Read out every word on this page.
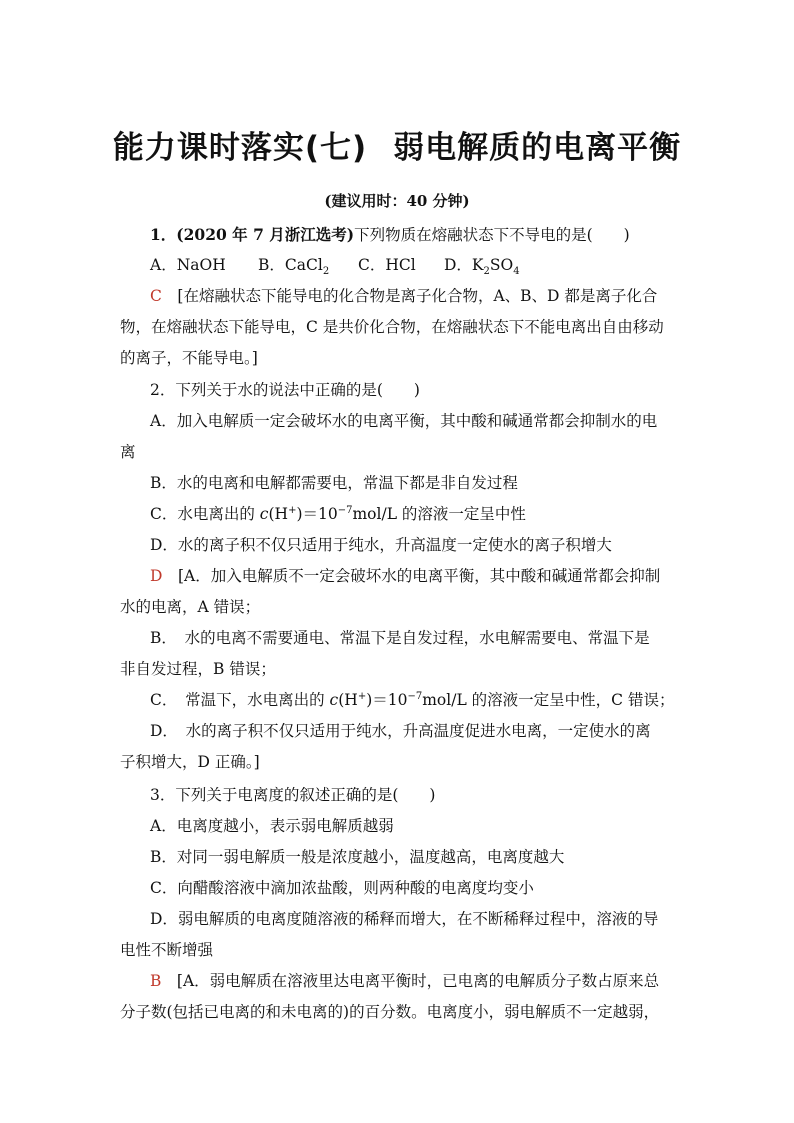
能力课时落实(七) 弱电解质的电离平衡
(建议用时：40 分钟)
1．(2020 年 7 月浙江选考)下列物质在熔融状态下不导电的是(　　)
A．NaOH B．CaCl$_2$ C．HCl D．$K_2SO_4$
C　 [在熔融状态下能导电的化合物是离子化合物，A、B、D 都是离子化合
物，在熔融状态下能导电，C 是共价化合物，在熔融状态下不能电离出自由移动
的离子，不能导电。]
2．下列关于水的说法中正确的是(　　)
A．加入电解质一定会破坏水的电离平衡，其中酸和碱通常都会抑制水的电
离
B．水的电离和电解都需要电，常温下都是非自发过程
C．水电离出的 $c(H^+)=10^{-7}mol/L$ 的溶液一定呈中性
D．水的离子积不仅只适用于纯水，升高温度一定使水的离子积增大
D　 [A．加入电解质不一定会破坏水的电离平衡，其中酸和碱通常都会抑制
水的电离，A 错误；
B．　水的电离不需要通电、常温下是自发过程，水电解需要电、常温下是
非自发过程，B 错误；
C．　常温下，水电离出的 $c(H^+)=10^{-7}mol/L$ 的溶液一定呈中性，C 错误；
D．　水的离子积不仅只适用于纯水，升高温度促进水电离，一定使水的离
子积增大，D 正确。]
3．下列关于电离度的叙述正确的是(　　)
A．电离度越小，表示弱电解质越弱
B．对同一弱电解质一般是浓度越小，温度越高，电离度越大
C．向醋酸溶液中滴加浓盐酸，则两种酸的电离度均变小
D．弱电解质的电离度随溶液的稀释而增大，在不断稀释过程中，溶液的导
电性不断增强
B　 [A．弱电解质在溶液里达电离平衡时，已电离的电解质分子数占原来总
分子数(包括已电离的和未电离的)的百分数。电离度小，弱电解质不一定越弱，
